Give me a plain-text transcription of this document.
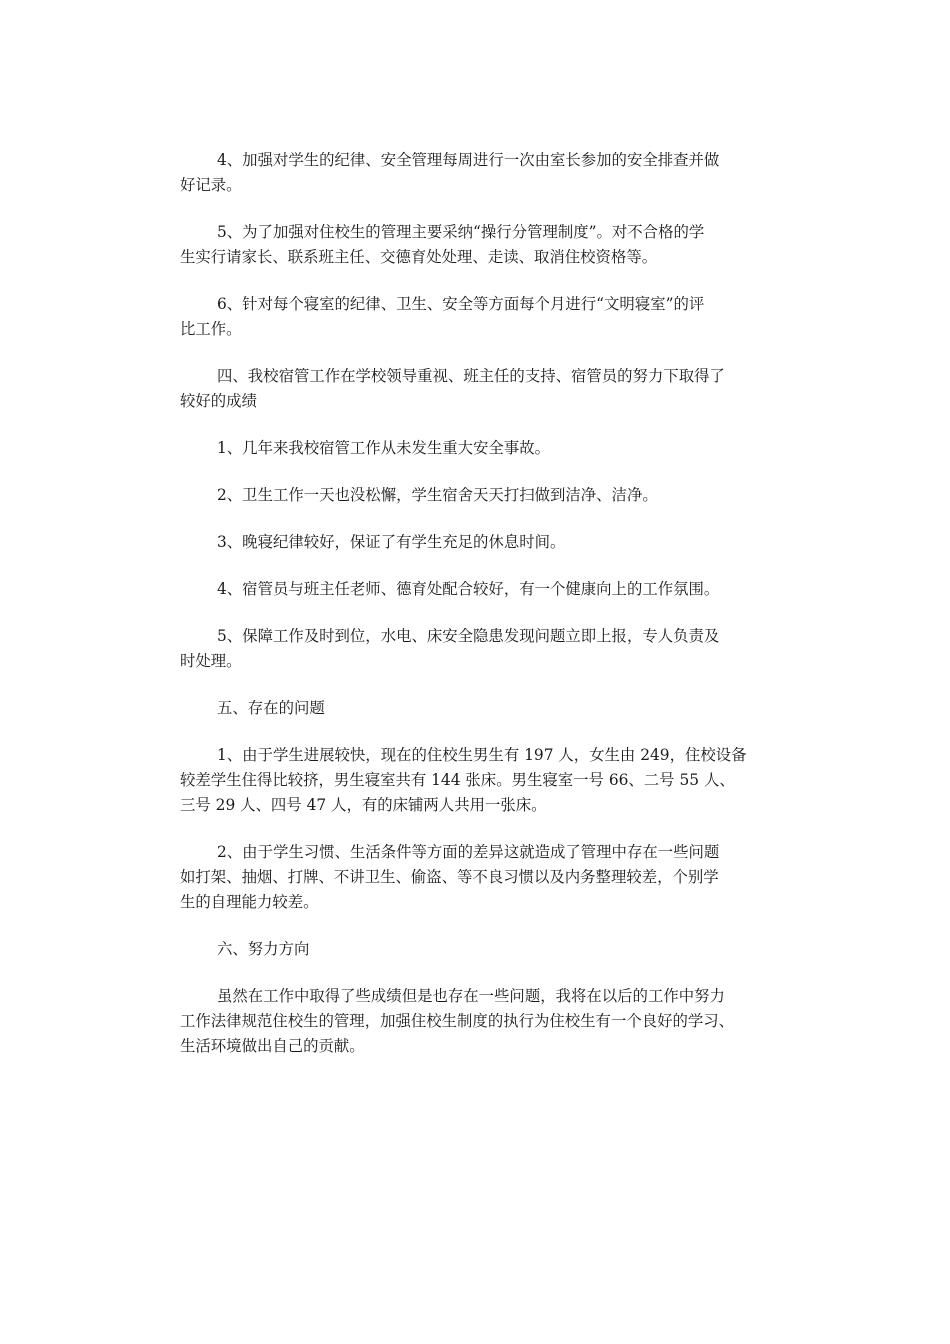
4、加强对学生的纪律、安全管理每周进行一次由室长参加的安全排查并做
好记录。

5、为了加强对住校生的管理主要采纳“操行分管理制度”。对不合格的学
生实行请家长、联系班主任、交德育处处理、走读、取消住校资格等。

6、针对每个寝室的纪律、卫生、安全等方面每个月进行“文明寝室”的评
比工作。

四、我校宿管工作在学校领导重视、班主任的支持、宿管员的努力下取得了
较好的成绩

1、几年来我校宿管工作从未发生重大安全事故。

2、卫生工作一天也没松懈，学生宿舍天天打扫做到洁净、洁净。

3、晚寝纪律较好，保证了有学生充足的休息时间。

4、宿管员与班主任老师、德育处配合较好，有一个健康向上的工作氛围。

5、保障工作及时到位，水电、床安全隐患发现问题立即上报，专人负责及
时处理。

五、存在的问题

1、由于学生进展较快，现在的住校生男生有 197 人，女生由 249，住校设备
较差学生住得比较挤，男生寝室共有 144 张床。男生寝室一号 66、二号 55 人、
三号 29 人、四号 47 人，有的床铺两人共用一张床。

2、由于学生习惯、生活条件等方面的差异这就造成了管理中存在一些问题
如打架、抽烟、打牌、不讲卫生、偷盗、等不良习惯以及内务整理较差，个别学
生的自理能力较差。

六、努力方向

虽然在工作中取得了些成绩但是也存在一些问题，我将在以后的工作中努力
工作法律规范住校生的管理，加强住校生制度的执行为住校生有一个良好的学习、
生活环境做出自己的贡献。
